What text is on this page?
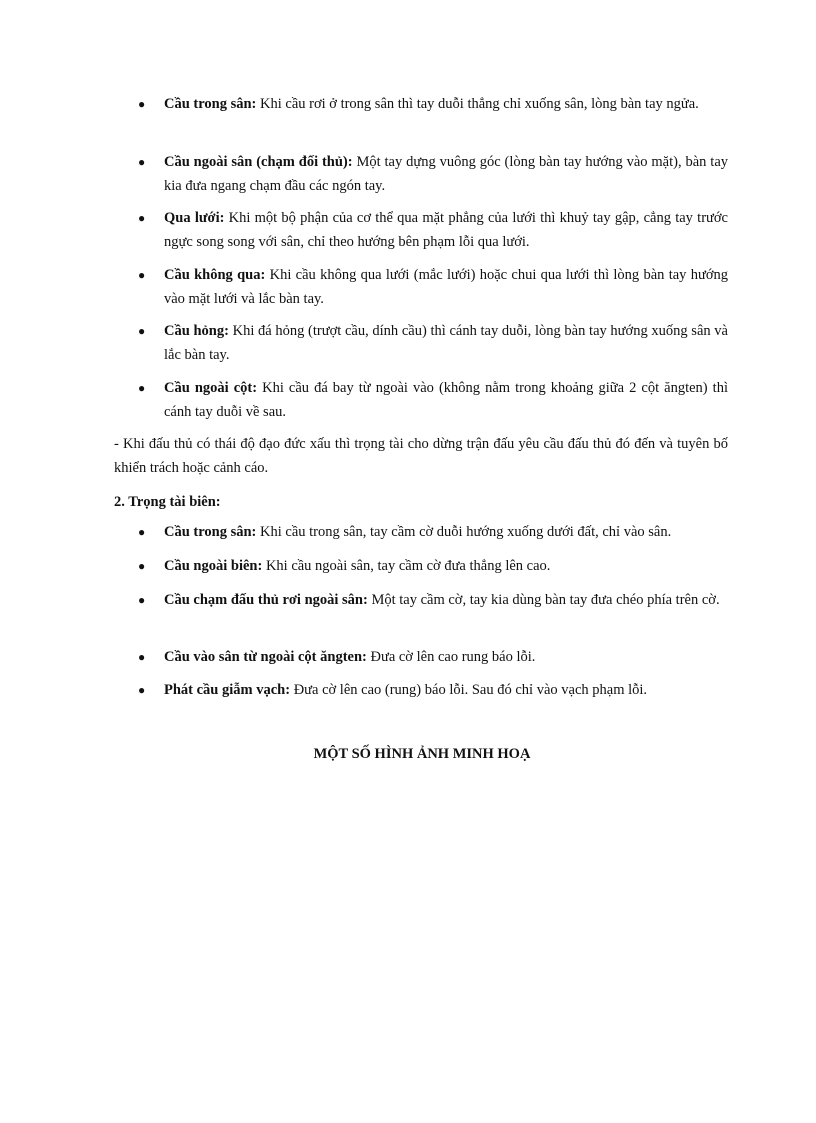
● Cầu trong sân: Khi cầu rơi ở trong sân thì tay duỗi thẳng chỉ xuống sân, lòng bàn tay ngửa.
● Cầu ngoài sân (chạm đối thủ): Một tay dựng vuông góc (lòng bàn tay hướng vào mặt), bàn tay kia đưa ngang chạm đầu các ngón tay.
● Qua lưới: Khi một bộ phận của cơ thể qua mặt phẳng của lưới thì khuỷ tay gập, cẳng tay trước ngực song song với sân, chỉ theo hướng bên phạm lỗi qua lưới.
● Cầu không qua: Khi cầu không qua lưới (mắc lưới) hoặc chui qua lưới thì lòng bàn tay hướng vào mặt lưới và lắc bàn tay.
● Cầu hỏng: Khi đá hỏng (trượt cầu, dính cầu) thì cánh tay duỗi, lòng bàn tay hướng xuống sân và lắc bàn tay.
● Cầu ngoài cột: Khi cầu đá bay từ ngoài vào (không nằm trong khoảng giữa 2 cột ăngten) thì cánh tay duỗi về sau.

- Khi đấu thủ có thái độ đạo đức xấu thì trọng tài cho dừng trận đấu yêu cầu đấu thủ đó đến và tuyên bố khiển trách hoặc cảnh cáo.

2. Trọng tài biên:
● Cầu trong sân: Khi cầu trong sân, tay cầm cờ duỗi hướng xuống dưới đất, chỉ vào sân.
● Cầu ngoài biên: Khi cầu ngoài sân, tay cầm cờ đưa thẳng lên cao.
● Cầu chạm đấu thủ rơi ngoài sân: Một tay cầm cờ, tay kia dùng bàn tay đưa chéo phía trên cờ.
● Cầu vào sân từ ngoài cột ăngten: Đưa cờ lên cao rung báo lỗi.
● Phát cầu giẫm vạch: Đưa cờ lên cao (rung) báo lỗi. Sau đó chỉ vào vạch phạm lỗi.
MỘT SỐ HÌNH ẢNH MINH HOẠ
